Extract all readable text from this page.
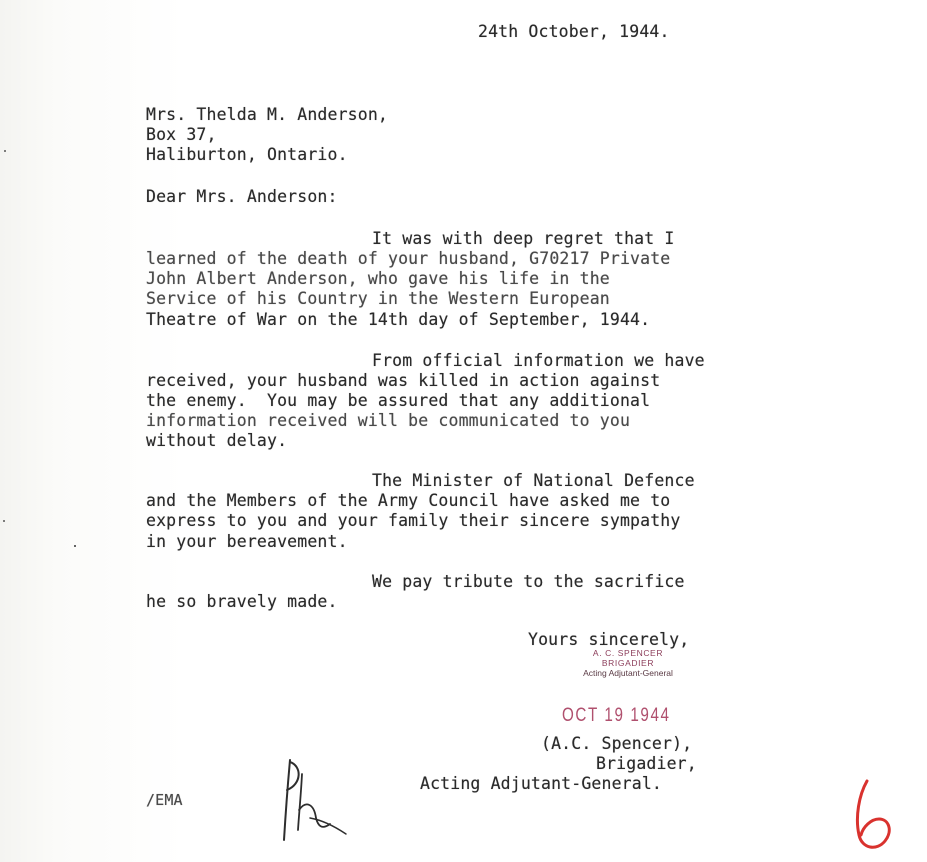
24th October, 1944.
Mrs. Thelda M. Anderson,
Box 37,
Haliburton, Ontario.
Dear Mrs. Anderson:
It was with deep regret that I
learned of the death of your husband, G70217 Private
John Albert Anderson, who gave his life in the
Service of his Country in the Western European
Theatre of War on the 14th day of September, 1944.
From official information we have
received, your husband was killed in action against
the enemy.  You may be assured that any additional
information received will be communicated to you
without delay.
The Minister of National Defence
and the Members of the Army Council have asked me to
express to you and your family their sincere sympathy
in your bereavement.
We pay tribute to the sacrifice
he so bravely made.
Yours sincerely,
A. C. SPENCER
BRIGADIER
Acting Adjutant-General
OCT 19 1944
(A.C. Spencer),
Brigadier,
Acting Adjutant-General.
/EMA
6
